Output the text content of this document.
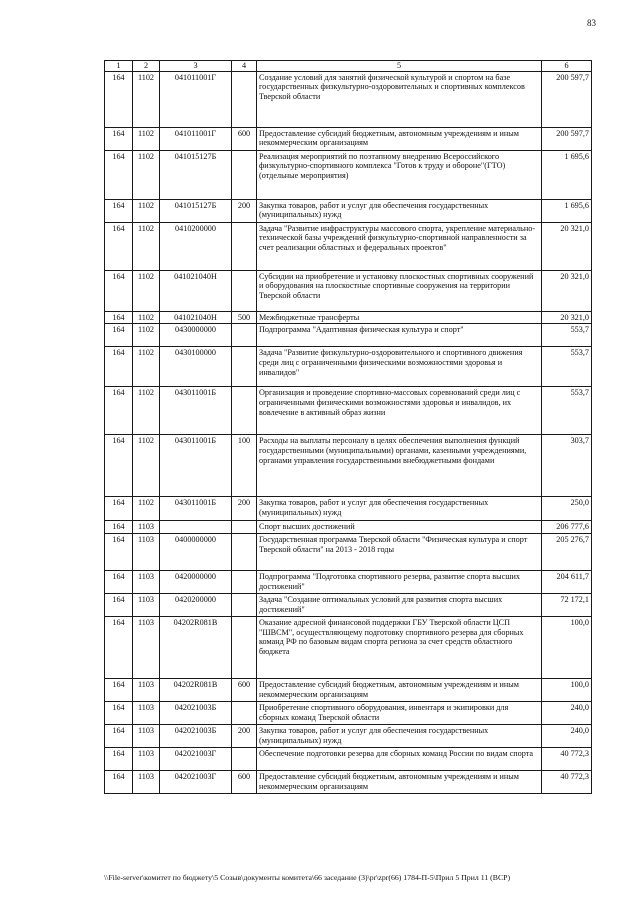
83
1	2	3	4	5	6
164	1102	041011001Г		Создание условий для занятий физической культурой и спортом на базе государственных физкультурно-оздоровительных и спортивных комплексов Тверской области	200 597,7
164	1102	041011001Г	600	Предоставление субсидий бюджетным, автономным учреждениям и иным некоммерческим организациям	200 597,7
164	1102	041015127Б		Реализация мероприятий по поэтапному внедрению Всероссийского физкультурно-спортивного комплекса "Готов к труду и обороне"(ГТО) (отдельные мероприятия)	1 695,6
164	1102	041015127Б	200	Закупка товаров, работ и услуг для обеспечения государственных (муниципальных) нужд	1 695,6
164	1102	0410200000		Задача "Развитие инфраструктуры массового спорта, укрепление материально-технической базы учреждений физкультурно-спортивной направленности за счет реализации областных и федеральных проектов"	20 321,0
164	1102	041021040Н		Субсидии на приобретение и установку плоскостных спортивных сооружений и оборудования на плоскостные спортивные сооружения на территории Тверской области	20 321,0
164	1102	041021040Н	500	Межбюджетные трансферты	20 321,0
164	1102	0430000000		Подпрограмма "Адаптивная физическая культура и спорт"	553,7
164	1102	0430100000		Задача "Развитие физкультурно-оздоровительного и спортивного движения среди лиц с ограниченными физическими возможностями здоровья и инвалидов"	553,7
164	1102	043011001Б		Организация и проведение спортивно-массовых соревнований среди лиц с ограниченными физическими возможностями здоровья и инвалидов, их вовлечение в активный образ жизни	553,7
164	1102	043011001Б	100	Расходы на выплаты персоналу в целях обеспечения выполнения функций государственными (муниципальными) органами, казенными учреждениями, органами управления государственными внебюджетными фондами	303,7
164	1102	043011001Б	200	Закупка товаров, работ и услуг для обеспечения государственных (муниципальных) нужд	250,0
164	1103			Спорт высших достижений	206 777,6
164	1103	0400000000		Государственная программа Тверской области "Физическая культура и спорт Тверской области" на 2013 - 2018 годы	205 276,7
164	1103	0420000000		Подпрограмма "Подготовка спортивного резерва, развитие спорта высших достижений"	204 611,7
164	1103	0420200000		Задача "Создание оптимальных условий для развития спорта высших достижений"	72 172,1
164	1103	04202R081В		Оказание адресной финансовой поддержки ГБУ Тверской области ЦСП "ШВСМ", осуществляющему подготовку спортивного резерва для сборных команд РФ по базовым видам спорта региона за счет средств областного бюджета	100,0
164	1103	04202R081В	600	Предоставление субсидий бюджетным, автономным учреждениям и иным некоммерческим организациям	100,0
164	1103	042021003Б		Приобретение спортивного оборудования, инвентаря и экипировки для сборных команд Тверской области	240,0
164	1103	042021003Б	200	Закупка товаров, работ и услуг для обеспечения государственных (муниципальных) нужд	240,0
164	1103	042021003Г		Обеспечение подготовки резерва для сборных команд России по видам спорта	40 772,3
164	1103	042021003Г	600	Предоставление субсидий бюджетным, автономным учреждениям и иным некоммерческим организациям	40 772,3
\\File-server\комитет по бюджету\5 Созыв\документы комитета\66 заседание (3)\pr\zpr(66) 1784-П-5\Прил 5 Прил 11 (ВСР)
